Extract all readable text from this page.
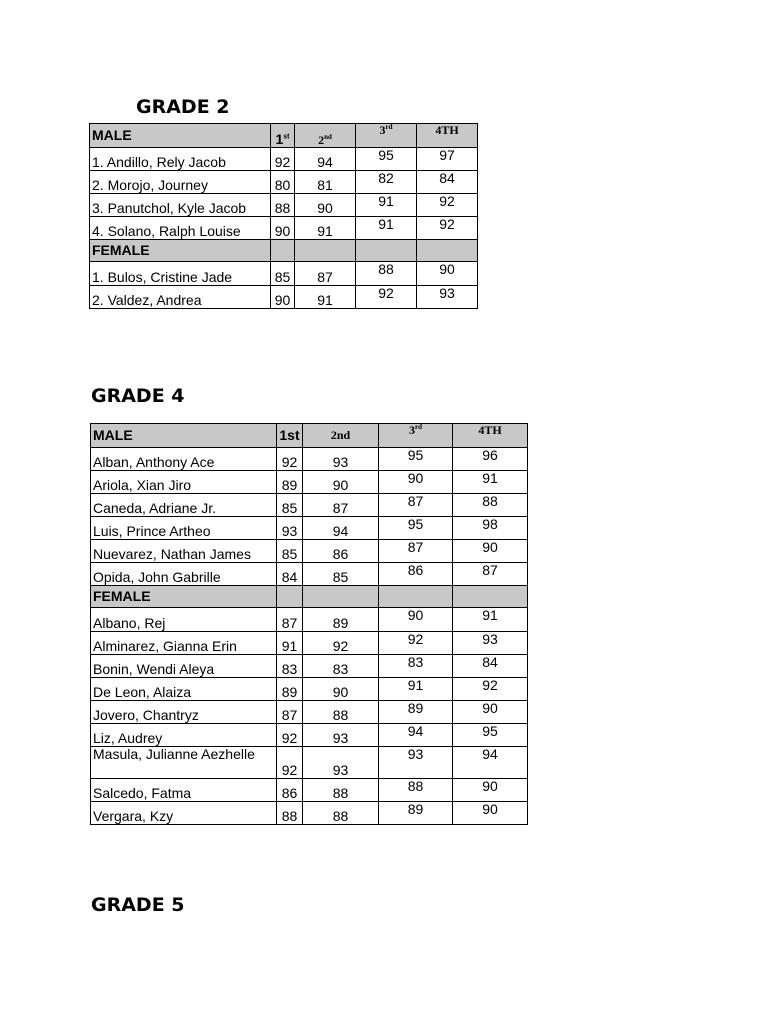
GRADE 2
MALE	1st	2nd	3rd	4TH
1. Andillo, Rely Jacob	92	94	95	97
2. Morojo, Journey	80	81	82	84
3. Panutchol, Kyle Jacob	88	90	91	92
4. Solano, Ralph Louise	90	91	91	92
FEMALE				
1. Bulos, Cristine Jade	85	87	88	90
2. Valdez, Andrea	90	91	92	93
GRADE 4
MALE	1st	2nd	3rd	4TH
Alban, Anthony Ace	92	93	95	96
Ariola, Xian Jiro	89	90	90	91
Caneda, Adriane Jr.	85	87	87	88
Luis, Prince Artheo	93	94	95	98
Nuevarez, Nathan James	85	86	87	90
Opida, John Gabrille	84	85	86	87
FEMALE				
Albano, Rej	87	89	90	91
Alminarez, Gianna Erin	91	92	92	93
Bonin, Wendi Aleya	83	83	83	84
De Leon, Alaiza	89	90	91	92
Jovero, Chantryz	87	88	89	90
Liz, Audrey	92	93	94	95
Masula, Julianne Aezhelle	92	93	93	94
Salcedo, Fatma	86	88	88	90
Vergara, Kzy	88	88	89	90
GRADE 5
